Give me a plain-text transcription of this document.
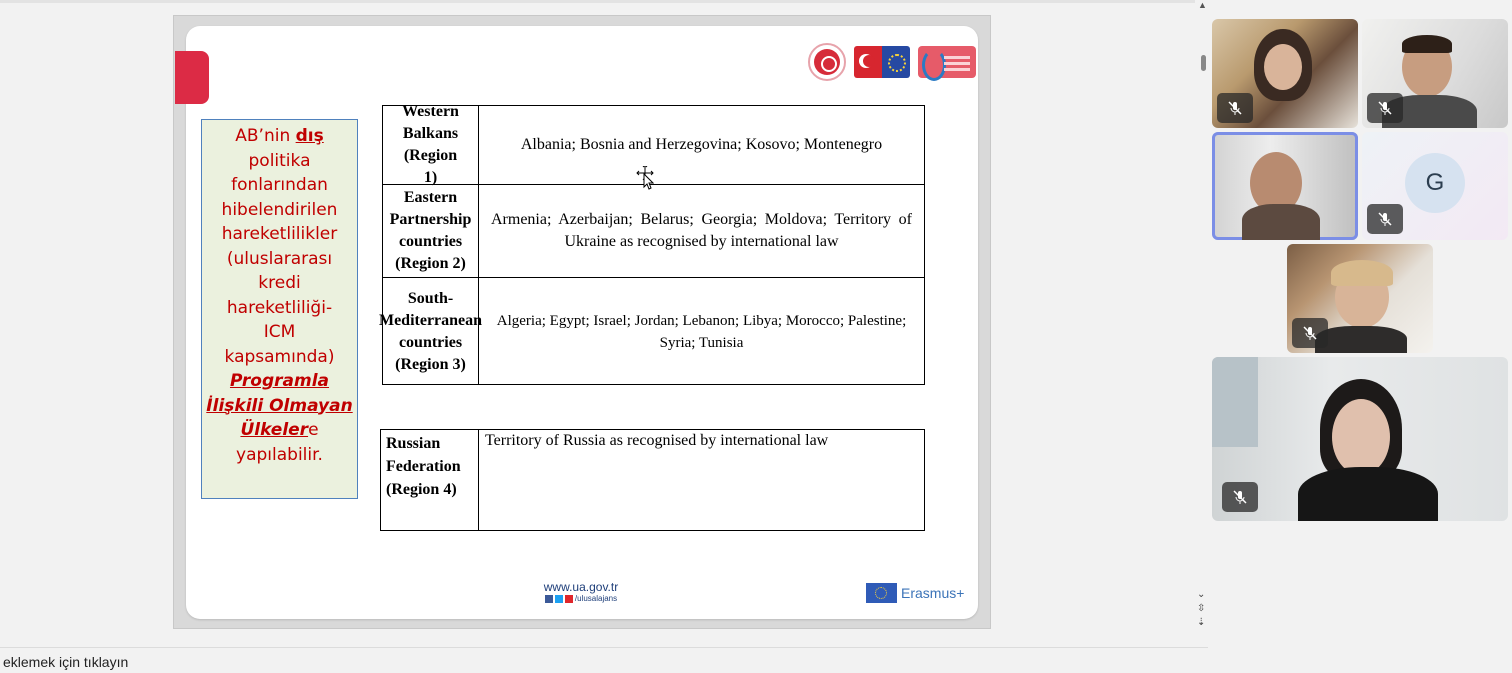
AB’nin dış
politika
fonlarından
hibelendirilen
hareketlilikler
(uluslararası
kredi
hareketliliği-
ICM
kapsamında)
Programla
İlişkili Olmayan
Ülkelere
yapılabilir.
Western Balkans (Region 1)
Albania; Bosnia and Herzegovina; Kosovo; Montenegro
Eastern Partnership countries (Region 2)
Armenia; Azerbaijan; Belarus; Georgia; Moldova; Territory of Ukraine as recognised by international law
South-Mediterranean countries (Region 3)
Algeria; Egypt; Israel; Jordan; Lebanon; Libya; Morocco; Palestine; Syria; Tunisia
Russian Federation (Region 4)
Territory of Russia as recognised by international law
www.ua.gov.tr
/ulusalajans	Erasmus+
▲
G
⌄
⇳
⇣
eklemek için tıklayın
